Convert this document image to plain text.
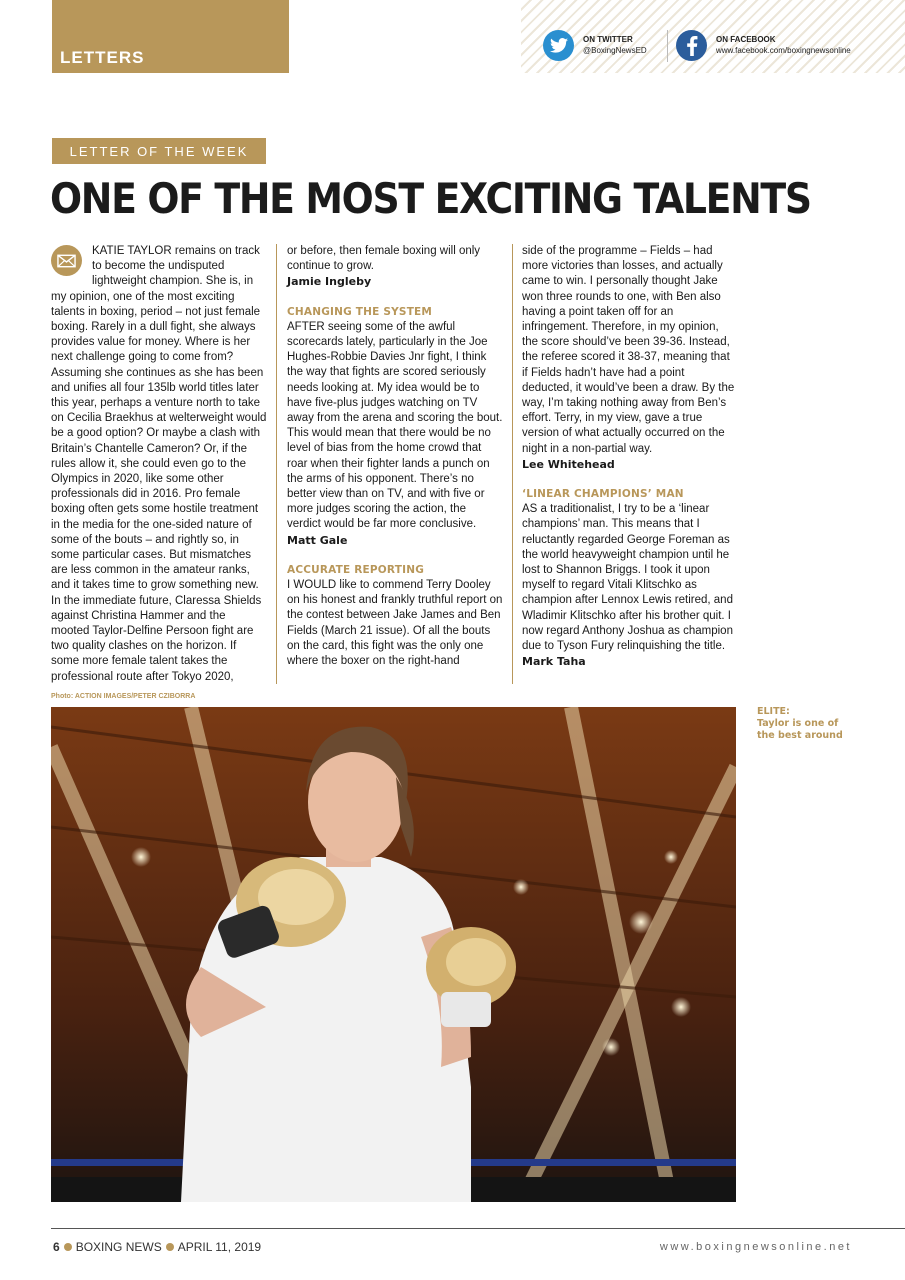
LETTERS
ON TWITTER
@BoxingNewsED
ON FACEBOOK
www.facebook.com/boxingnewsonline
LETTER OF THE WEEK
ONE OF THE MOST EXCITING TALENTS

KATIE TAYLOR remains on track to become the undisputed lightweight champion. She is, in my opinion, one of the most exciting talents in boxing, period – not just female boxing. Rarely in a dull fight, she always provides value for money. Where is her next challenge going to come from? Assuming she continues as she has been and unifies all four 135lb world titles later this year, perhaps a venture north to take on Cecilia Braekhus at welterweight would be a good option? Or maybe a clash with Britain’s Chantelle Cameron? Or, if the rules allow it, she could even go to the Olympics in 2020, like some other professionals did in 2016. Pro female boxing often gets some hostile treatment in the media for the one-sided nature of some of the bouts – and rightly so, in some particular cases. But mismatches are less common in the amateur ranks, and it takes time to grow something new. In the immediate future, Claressa Shields against Christina Hammer and the mooted Taylor-Delfine Persoon fight are two quality clashes on the horizon. If some more female talent takes the professional route after Tokyo 2020,

or before, then female boxing will only continue to grow.

Jamie Ingleby
CHANGING THE SYSTEM

AFTER seeing some of the awful scorecards lately, particularly in the Joe Hughes-Robbie Davies Jnr fight, I think the way that fights are scored seriously needs looking at. My idea would be to have five-plus judges watching on TV away from the arena and scoring the bout. This would mean that there would be no level of bias from the home crowd that roar when their fighter lands a punch on the arms of his opponent. There’s no better view than on TV, and with five or more judges scoring the action, the verdict would be far more conclusive.

Matt Gale
ACCURATE REPORTING

I WOULD like to commend Terry Dooley on his honest and frankly truthful report on the contest between Jake James and Ben Fields (March 21 issue). Of all the bouts on the card, this fight was the only one where the boxer on the right-hand

side of the programme – Fields – had more victories than losses, and actually came to win. I personally thought Jake won three rounds to one, with Ben also having a point taken off for an infringement. Therefore, in my opinion, the score should’ve been 39-36. Instead, the referee scored it 38-37, meaning that if Fields hadn’t have had a point deducted, it would’ve been a draw. By the way, I’m taking nothing away from Ben’s effort. Terry, in my view, gave a true version of what actually occurred on the night in a non-partial way.

Lee Whitehead
‘LINEAR CHAMPIONS’ MAN

AS a traditionalist, I try to be a ‘linear champions’ man. This means that I reluctantly regarded George Foreman as the world heavyweight champion until he lost to Shannon Briggs. I took it upon myself to regard Vitali Klitschko as champion after Lennox Lewis retired, and Wladimir Klitschko after his brother quit. I now regard Anthony Joshua as champion due to Tyson Fury relinquishing the title.

Mark Taha
Photo: ACTION IMAGES/PETER CZIBORRA
ELITE:
Taylor is one of the best around
6 BOXING NEWS APRIL 11, 2019	www.boxingnewsonline.net
